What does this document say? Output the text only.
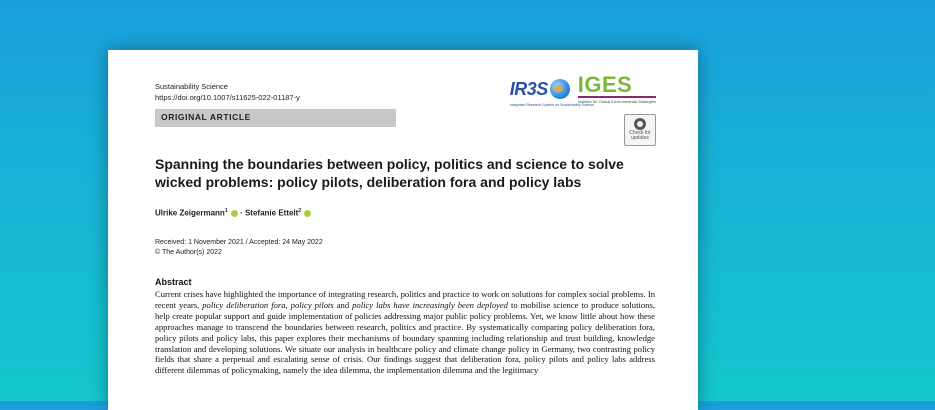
Sustainability Science
https://doi.org/10.1007/s11625-022-01187-y	IR3S
Integrated Research System for Sustainability Science
IGES
Institute for Global Environmental Strategies
ORIGINAL ARTICLE
Check for updates
Spanning the boundaries between policy, politics and science to solve wicked problems: policy pilots, deliberation fora and policy labs
Ulrike Zeigermann$^1$ · Stefanie Ettelt$^2$
Received: 1 November 2021 / Accepted: 24 May 2022
© The Author(s) 2022
Abstract
Current crises have highlighted the importance of integrating research, politics and practice to work on solutions for complex social problems. In recent years, policy deliberation fora, policy pilots and policy labs have increasingly been deployed to mobilise science to produce solutions, help create popular support and guide implementation of policies addressing major public policy problems. Yet, we know little about how these approaches manage to transcend the boundaries between research, politics and practice. By systematically comparing policy deliberation fora, policy pilots and policy labs, this paper explores their mechanisms of boundary spanning including relationship and trust building, knowledge translation and developing solutions. We situate our analysis in healthcare policy and climate change policy in Germany, two contrasting policy fields that share a perpetual and escalating sense of crisis. Our findings suggest that deliberation fora, policy pilots and policy labs address different dilemmas of policymaking, namely the idea dilemma, the implementation dilemma and the legitimacy
